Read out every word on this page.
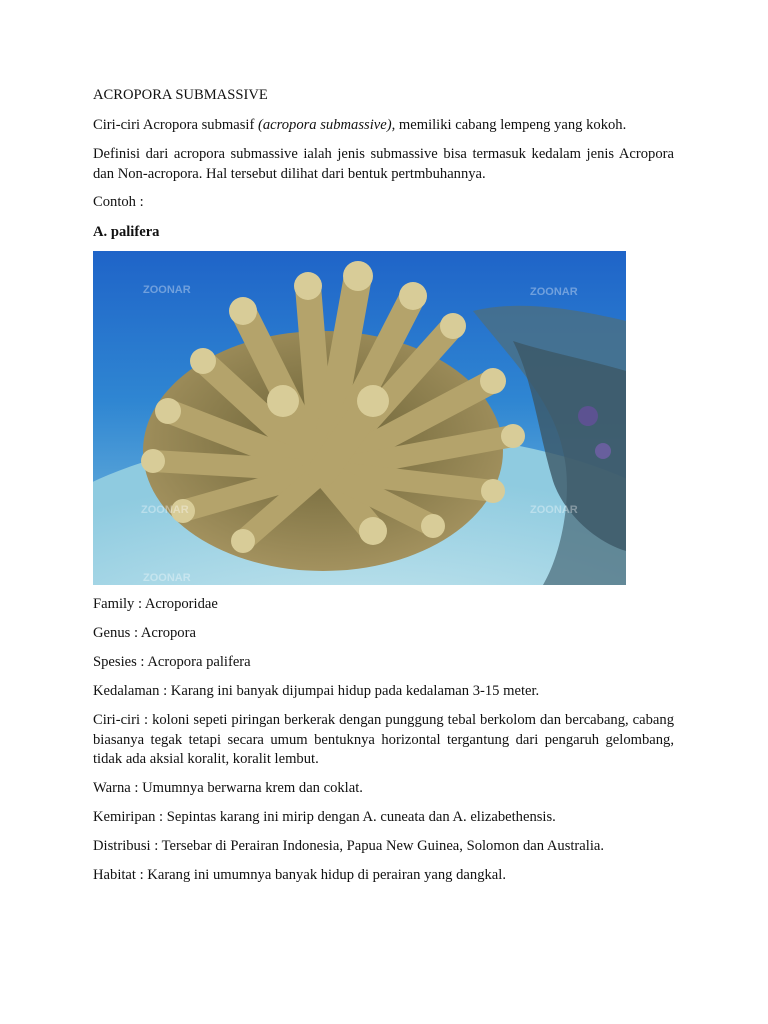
ACROPORA SUBMASSIVE

Ciri-ciri Acropora submasif (acropora submassive), memiliki cabang lempeng yang kokoh.

Definisi dari acropora submassive ialah jenis submassive bisa termasuk kedalam jenis Acropora dan Non-acropora. Hal tersebut dilihat dari bentuk pertmbuhannya.

Contoh :

A. palifera

ZOONAR	ZOONAR
ZOONAR	ZOONAR
ZOONAR

Family : Acroporidae

Genus : Acropora

Spesies : Acropora palifera

Kedalaman : Karang ini banyak dijumpai hidup pada kedalaman 3-15 meter.

Ciri-ciri : koloni sepeti piringan berkerak dengan punggung tebal berkolom dan bercabang, cabang biasanya tegak tetapi secara umum bentuknya horizontal tergantung dari pengaruh gelombang, tidak ada aksial koralit, koralit lembut.

Warna : Umumnya berwarna krem dan coklat.

Kemiripan : Sepintas karang ini mirip dengan A. cuneata dan A. elizabethensis.

Distribusi : Tersebar di Perairan Indonesia, Papua New Guinea, Solomon dan Australia.

Habitat : Karang ini umumnya banyak hidup di perairan yang dangkal.
